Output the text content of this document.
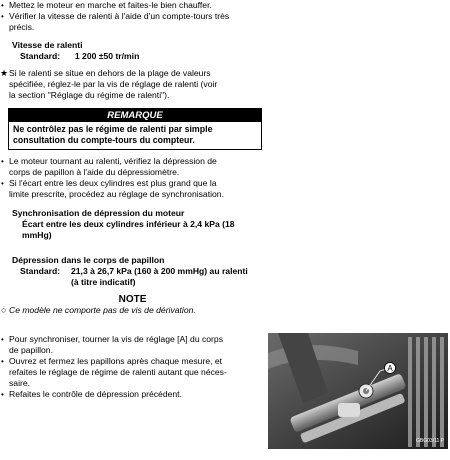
• Mettez le moteur en marche et faites-le bien chauffer.
• Vérifier la vitesse de ralenti à l'aide d'un compte-tours très
précis.
Vitesse de ralenti
Standard: 1 200 ±50 tr/min
★ Si le ralenti se situe en dehors de la plage de valeurs
spécifiée, réglez-le par la vis de réglage de ralenti (voir
la section "Réglage du régime de ralenti").
REMARQUE
Ne contrôlez pas le régime de ralenti par simple
consultation du compte-tours du compteur.
• Le moteur tournant au ralenti, vérifiez la dépression de
corps de papillon à l'aide du dépressiomètre.
• Si l'écart entre les deux cylindres est plus grand que la
limite prescrite, procédez au réglage de synchronisation.
Synchronisation de dépression du moteur
Écart entre les deux cylindres inférieur à 2,4 kPa (18
mmHg)
Dépression dans le corps de papillon
Standard: 21,3 à 26,7 kPa (160 à 200 mmHg) au ralenti
(à titre indicatif)
NOTE
○ Ce modèle ne comporte pas de vis de dérivation.
• Pour synchroniser, tourner la vis de réglage [A] du corps
de papillon.
• Ouvrez et fermez les papillons après chaque mesure, et
refaites le réglage de régime de ralenti autant que néces-
saire.
• Refaites le contrôle de dépression précédent.
A
GBG03/11 P
